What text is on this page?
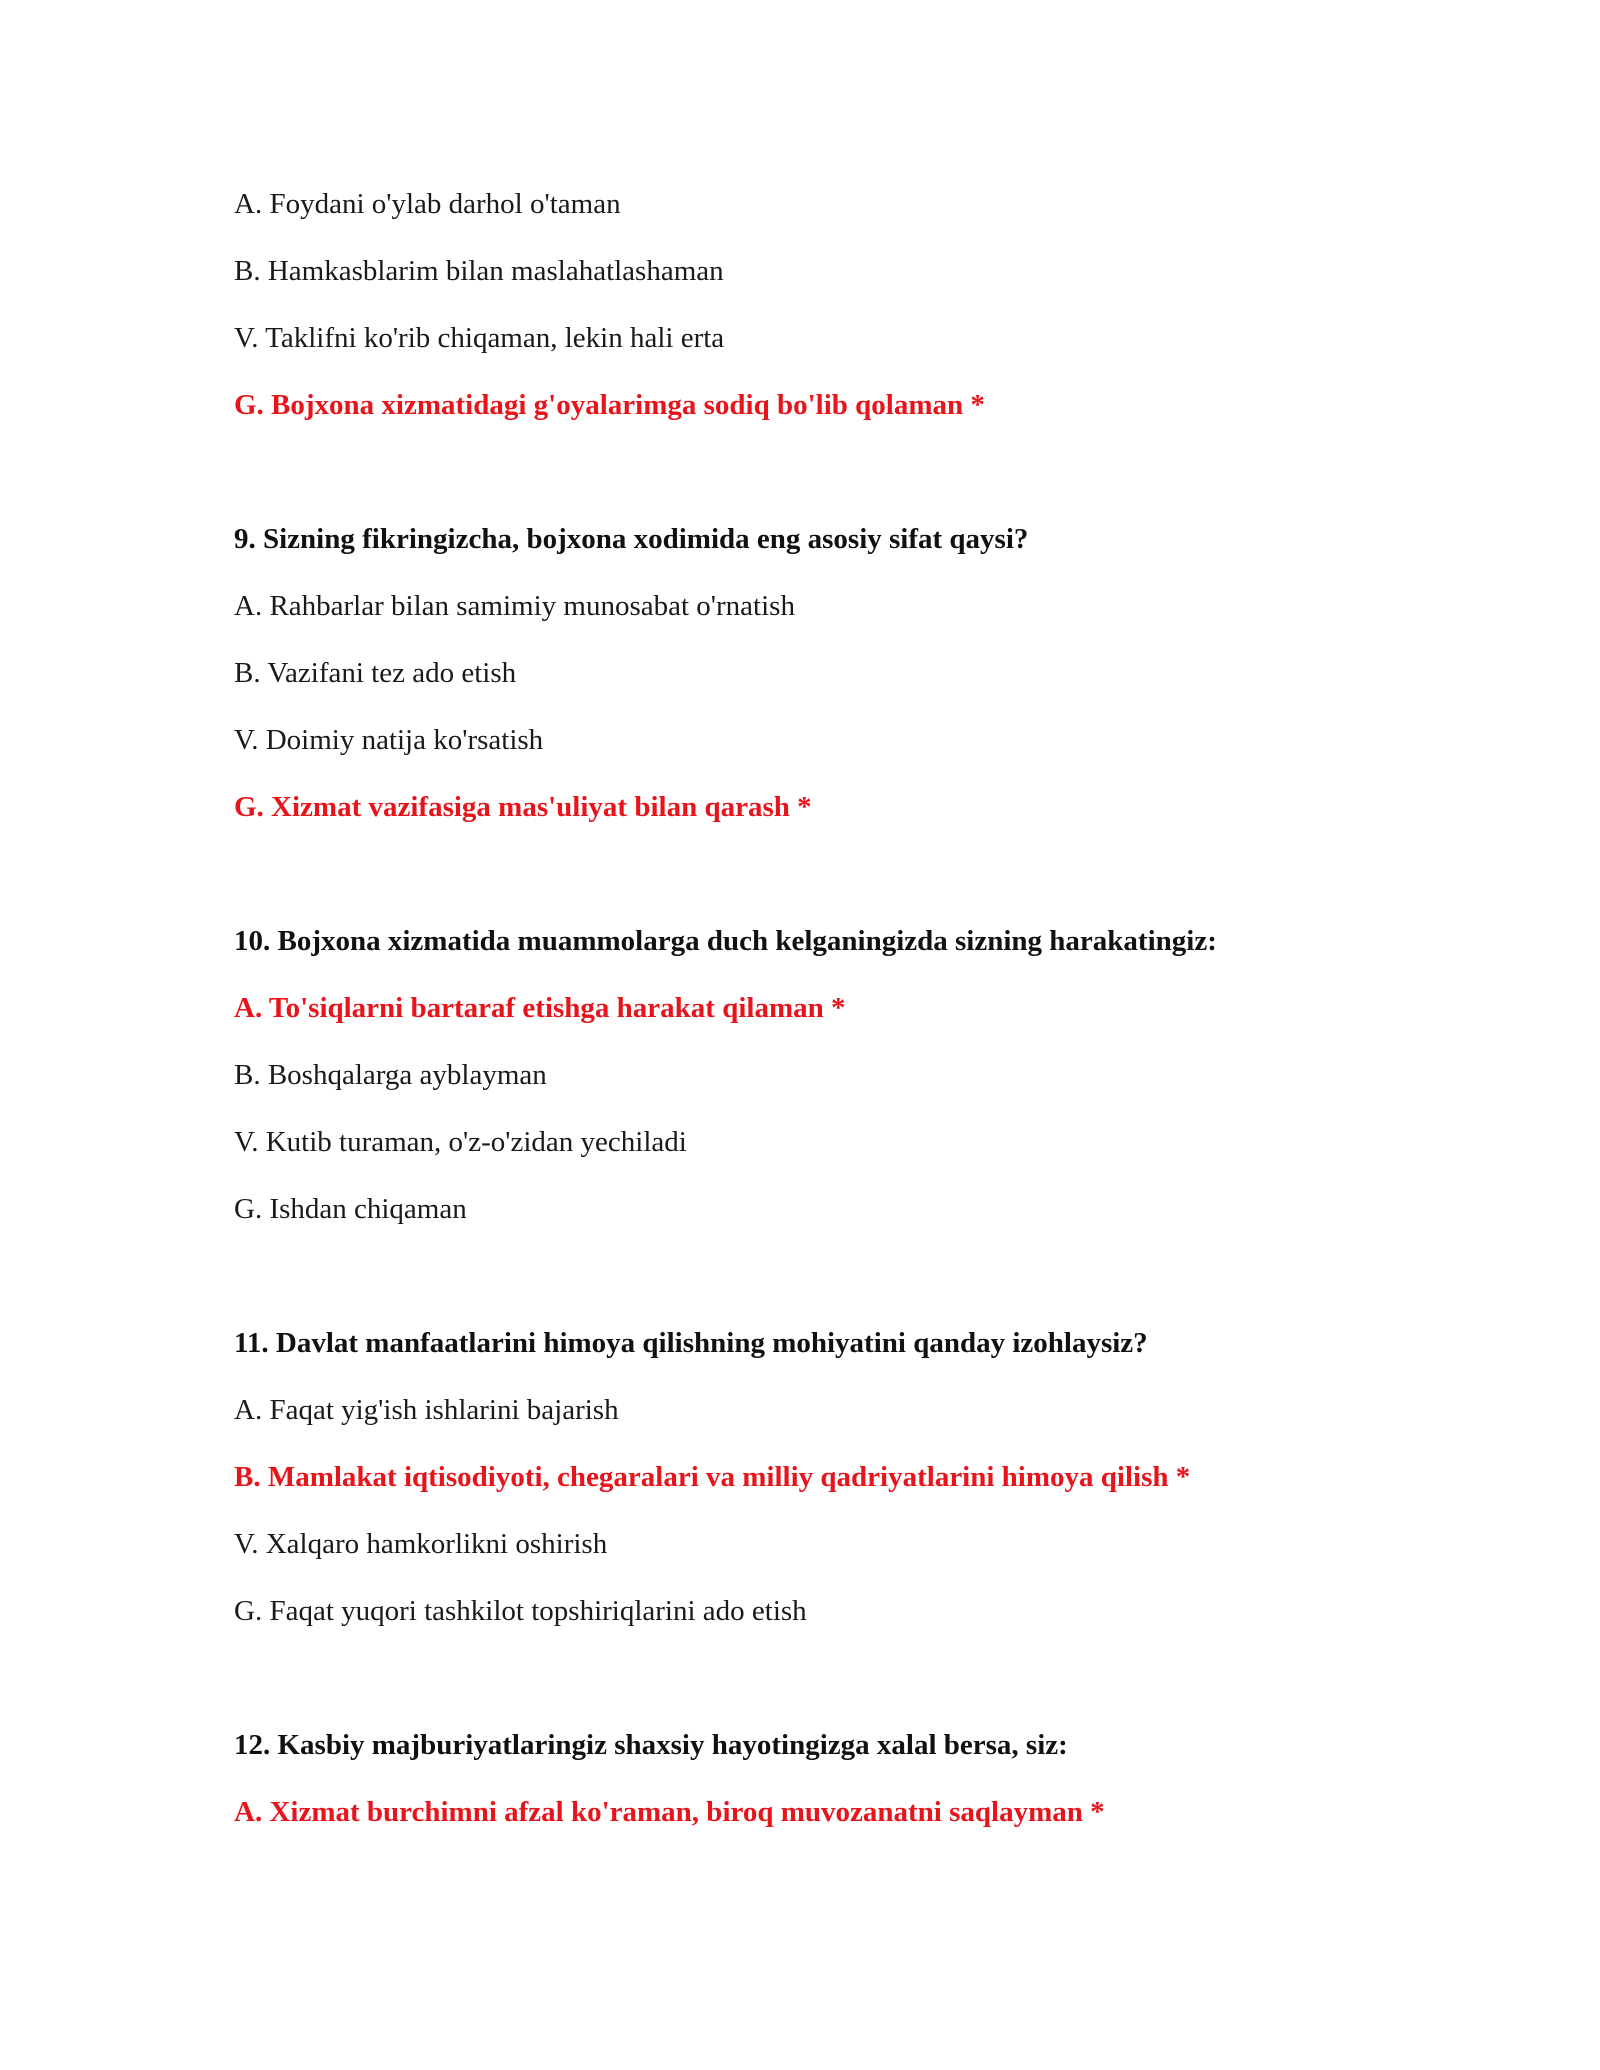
A. Foydani o'ylab darhol o'taman
B. Hamkasblarim bilan maslahatlashaman
V. Taklifni ko'rib chiqaman, lekin hali erta
G. Bojxona xizmatidagi g'oyalarimga sodiq bo'lib qolaman *
9. Sizning fikringizcha, bojxona xodimida eng asosiy sifat qaysi?
A. Rahbarlar bilan samimiy munosabat o'rnatish
B. Vazifani tez ado etish
V. Doimiy natija ko'rsatish
G. Xizmat vazifasiga mas'uliyat bilan qarash *
10. Bojxona xizmatida muammolarga duch kelganingizda sizning harakatingiz:
A. To'siqlarni bartaraf etishga harakat qilaman *
B. Boshqalarga ayblayman
V. Kutib turaman, o'z-o'zidan yechiladi
G. Ishdan chiqaman
11. Davlat manfaatlarini himoya qilishning mohiyatini qanday izohlaysiz?
A. Faqat yig'ish ishlarini bajarish
B. Mamlakat iqtisodiyoti, chegaralari va milliy qadriyatlarini himoya qilish *
V. Xalqaro hamkorlikni oshirish
G. Faqat yuqori tashkilot topshiriqlarini ado etish
12. Kasbiy majburiyatlaringiz shaxsiy hayotingizga xalal bersa, siz:
A. Xizmat burchimni afzal ko'raman, biroq muvozanatni saqlayman *
